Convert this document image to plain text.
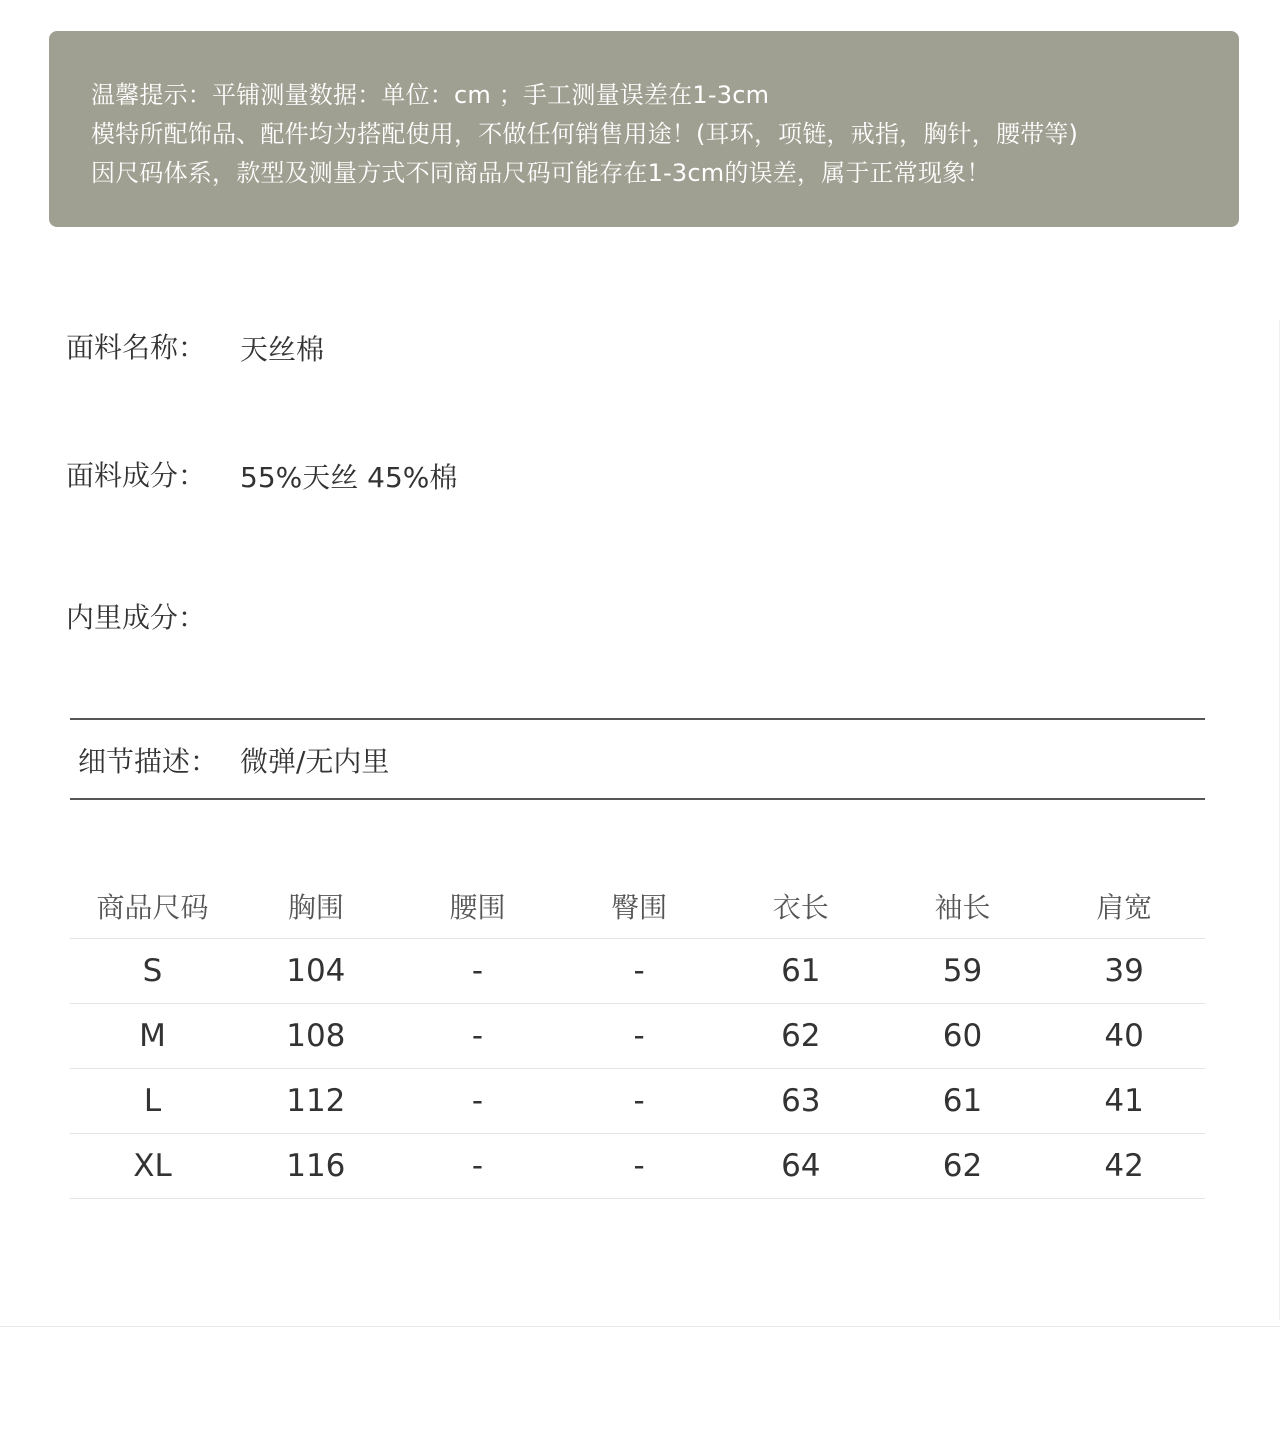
温馨提示：平铺测量数据：单位：cm ；手工测量误差在1-3cm
模特所配饰品、配件均为搭配使用，不做任何销售用途！(耳环，项链，戒指，胸针，腰带等)
因尺码体系，款型及测量方式不同商品尺码可能存在1-3cm的误差，属于正常现象！
面料名称： 天丝棉
面料成分： 55%天丝 45%棉
内里成分：
细节描述： 微弹/无内里
商品尺码	胸围	腰围	臀围	衣长	袖长	肩宽
S	104	-	-	61	59	39
M	108	-	-	62	60	40
L	112	-	-	63	61	41
XL	116	-	-	64	62	42
